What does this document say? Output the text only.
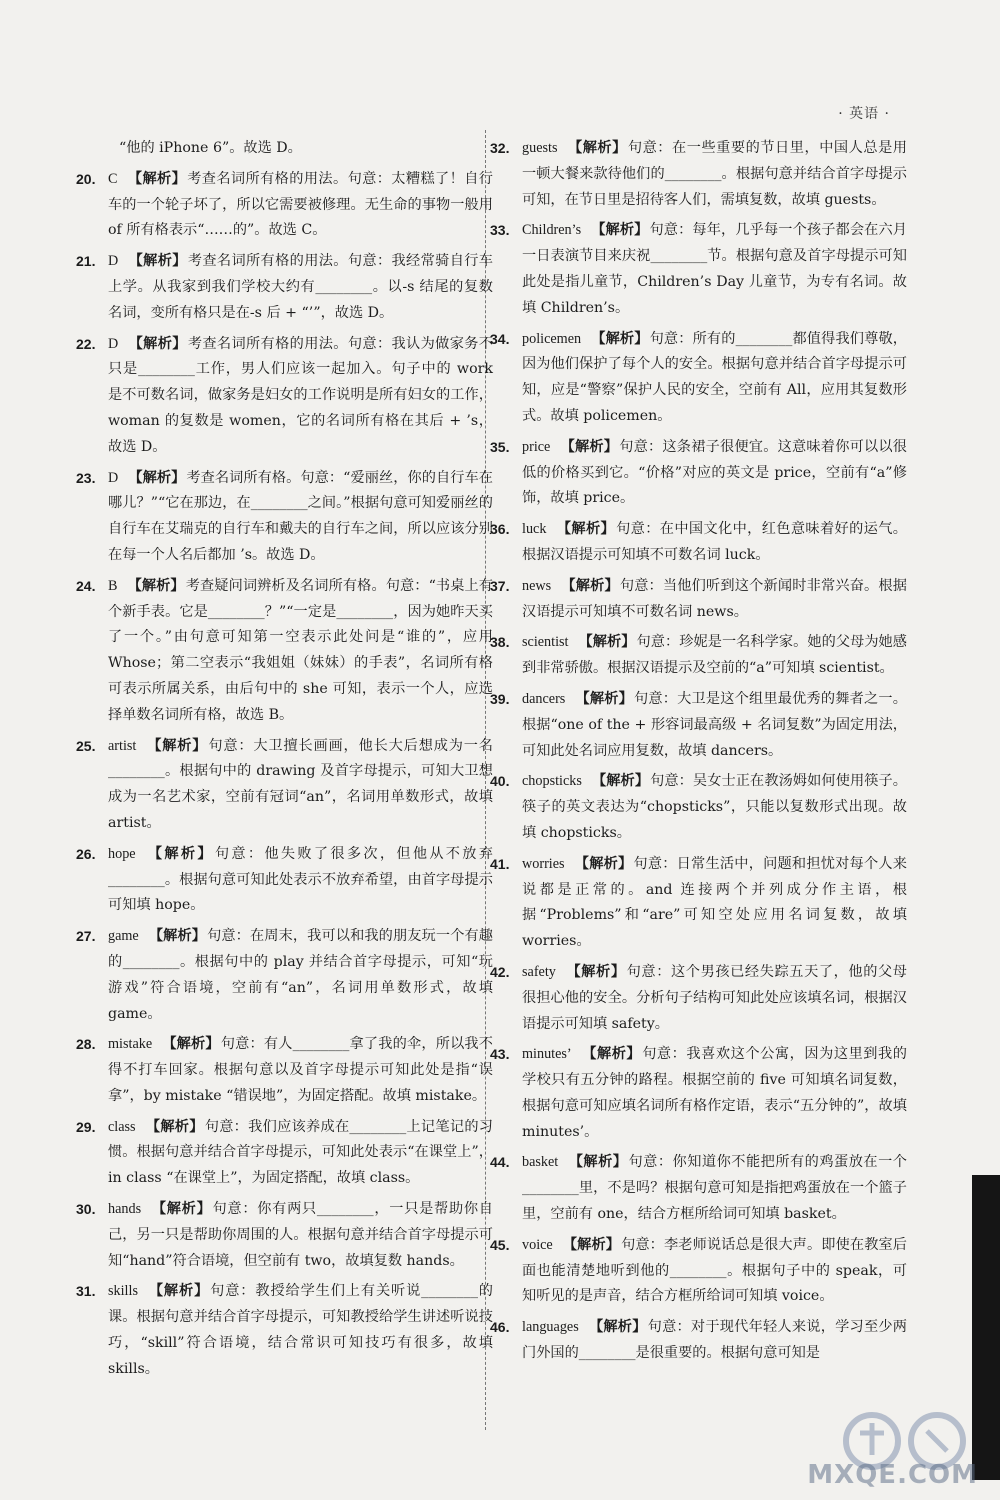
· 英语 ·
“他的 iPhone 6”。故选 D。
20. C 【解析】考查名词所有格的用法。句意：太糟糕了！自行车的一个轮子坏了，所以它需要被修理。无生命的事物一般用 of 所有格表示“……的”。故选 C。
21. D 【解析】考查名词所有格的用法。句意：我经常骑自行车上学。从我家到我们学校大约有________。以-s 结尾的复数名词，变所有格只是在-s 后 + “’”，故选 D。
22. D 【解析】考查名词所有格的用法。句意：我认为做家务不只是________工作，男人们应该一起加入。句子中的 work 是不可数名词，做家务是妇女的工作说明是所有妇女的工作，woman 的复数是 women，它的名词所有格在其后 + ’s，故选 D。
23. D 【解析】考查名词所有格。句意：“爱丽丝，你的自行车在哪儿？”“它在那边，在________之间。”根据句意可知爱丽丝的自行车在艾瑞克的自行车和戴夫的自行车之间，所以应该分别在每一个人名后都加 ’s。故选 D。
24. B 【解析】考查疑问词辨析及名词所有格。句意：“书桌上有个新手表。它是________？”“一定是________，因为她昨天买了一个。”由句意可知第一空表示此处问是“谁的”，应用 Whose；第二空表示“我姐姐（妹妹）的手表”，名词所有格可表示所属关系，由后句中的 she 可知，表示一个人，应选择单数名词所有格，故选 B。
25. artist 【解析】句意：大卫擅长画画，他长大后想成为一名________。根据句中的 drawing 及首字母提示，可知大卫想成为一名艺术家，空前有冠词“an”，名词用单数形式，故填 artist。
26. hope 【解析】句意：他失败了很多次，但他从不放弃________。根据句意可知此处表示不放弃希望，由首字母提示可知填 hope。
27. game 【解析】句意：在周末，我可以和我的朋友玩一个有趣的________。根据句中的 play 并结合首字母提示，可知“玩游戏”符合语境，空前有“an”，名词用单数形式，故填 game。
28. mistake 【解析】句意：有人________拿了我的伞，所以我不得不打车回家。根据句意以及首字母提示可知此处是指“误拿”，by mistake “错误地”，为固定搭配。故填 mistake。
29. class 【解析】句意：我们应该养成在________上记笔记的习惯。根据句意并结合首字母提示，可知此处表示“在课堂上”，in class “在课堂上”，为固定搭配，故填 class。
30. hands 【解析】句意：你有两只________，一只是帮助你自己，另一只是帮助你周围的人。根据句意并结合首字母提示可知“hand”符合语境，但空前有 two，故填复数 hands。
31. skills 【解析】句意：教授给学生们上有关听说________的课。根据句意并结合首字母提示，可知教授给学生讲述听说技巧，“skill”符合语境，结合常识可知技巧有很多，故填 skills。
32. guests 【解析】句意：在一些重要的节日里，中国人总是用一顿大餐来款待他们的________。根据句意并结合首字母提示可知，在节日里是招待客人们，需填复数，故填 guests。
33. Children’s 【解析】句意：每年，几乎每一个孩子都会在六月一日表演节目来庆祝________节。根据句意及首字母提示可知此处是指儿童节，Children’s Day 儿童节，为专有名词。故填 Children’s。
34. policemen 【解析】句意：所有的________都值得我们尊敬，因为他们保护了每个人的安全。根据句意并结合首字母提示可知，应是“警察”保护人民的安全，空前有 All，应用其复数形式。故填 policemen。
35. price 【解析】句意：这条裙子很便宜。这意味着你可以以很低的价格买到它。“价格”对应的英文是 price，空前有“a”修饰，故填 price。
36. luck 【解析】句意：在中国文化中，红色意味着好的运气。根据汉语提示可知填不可数名词 luck。
37. news 【解析】句意：当他们听到这个新闻时非常兴奋。根据汉语提示可知填不可数名词 news。
38. scientist 【解析】句意：珍妮是一名科学家。她的父母为她感到非常骄傲。根据汉语提示及空前的“a”可知填 scientist。
39. dancers 【解析】句意：大卫是这个组里最优秀的舞者之一。根据“one of the + 形容词最高级 + 名词复数”为固定用法，可知此处名词应用复数，故填 dancers。
40. chopsticks 【解析】句意：吴女士正在教汤姆如何使用筷子。筷子的英文表达为“chopsticks”，只能以复数形式出现。故填 chopsticks。
41. worries 【解析】句意：日常生活中，问题和担忧对每个人来说都是正常的。and 连接两个并列成分作主语，根据“Problems”和“are”可知空处应用名词复数，故填 worries。
42. safety 【解析】句意：这个男孩已经失踪五天了，他的父母很担心他的安全。分析句子结构可知此处应该填名词，根据汉语提示可知填 safety。
43. minutes’ 【解析】句意：我喜欢这个公寓，因为这里到我的学校只有五分钟的路程。根据空前的 five 可知填名词复数，根据句意可知应填名词所有格作定语，表示“五分钟的”，故填 minutes’。
44. basket 【解析】句意：你知道你不能把所有的鸡蛋放在一个________里，不是吗？根据句意可知是指把鸡蛋放在一个篮子里，空前有 one，结合方框所给词可知填 basket。
45. voice 【解析】句意：李老师说话总是很大声。即使在教室后面也能清楚地听到他的________。根据句子中的 speak，可知听见的是声音，结合方框所给词可知填 voice。
46. languages 【解析】句意：对于现代年轻人来说，学习至少两门外国的________是很重要的。根据句意可知是
MXQE.COM
